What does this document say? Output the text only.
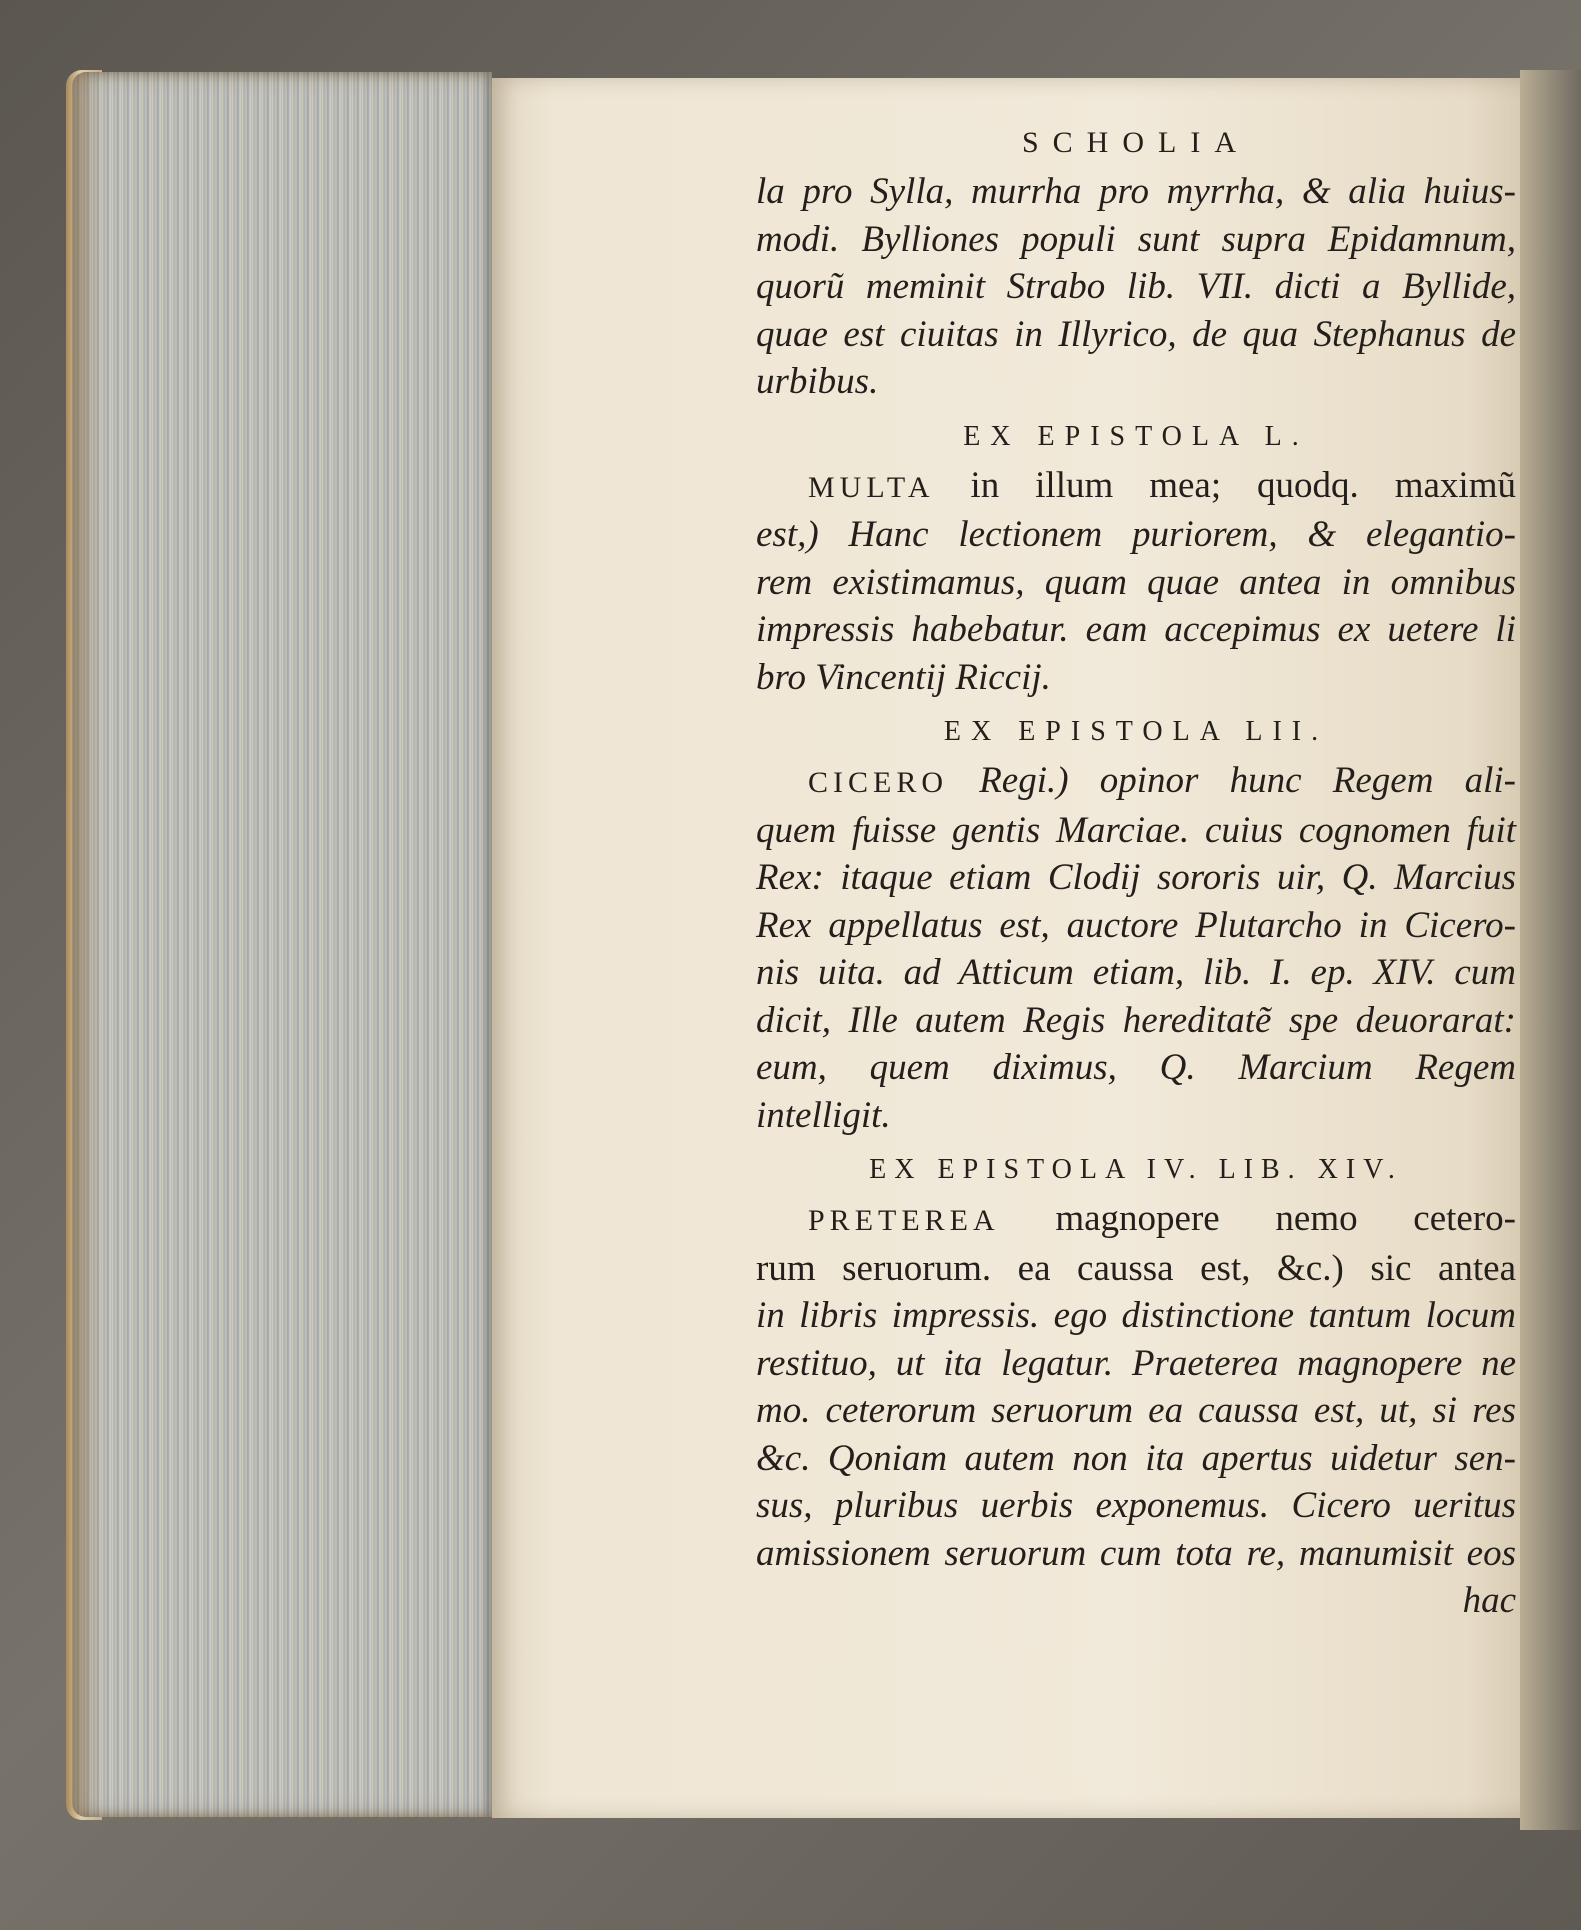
SCHOLIA

la pro Sylla, murrha pro myrrha, & alia huius-

modi. Byllіones populi sunt supra Epidamnum,

quorũ meminit Strabo lib. VII. dicti a Byllide,

quae est ciuitas in Illyrico, de qua Stephanus de

urbibus.

EX EPISTOLA L.

MULTA in illum mea; quodq. maximũ

est,) Hanc lectionem puriorem, & elegantio-

rem existimamus, quam quae antea in omnibus

impressis habebatur. eam accepimus ex uetere li

bro Vincentij Riccij.

EX EPISTOLA LII.

CICERO Regi.) opinor hunc Regem ali-

quem fuisse gentis Marciae. cuius cognomen fuit

Rex: itaque etiam Clodij sororis uir, Q. Marcius

Rex appellatus est, auctore Plutarcho in Cicero-

nis uita. ad Atticum etiam, lib. I. ep. XIV. cum

dicit, Ille autem Regis hereditatẽ spe deuorarat:

eum, quem diximus, Q. Marcium Regem

intelligit.

EX EPISTOLA IV. LIB. XIV.

PRETEREA magnopere nemo cetero-

rum seruorum. ea caussa est, &c.) sic antea

in libris impressis. ego distinctione tantum locum

restituo, ut ita legatur. Praeterea magnopere ne

mo. ceterorum seruorum ea caussa est, ut, si res

&c. Qoniam autem non ita apertus uidetur sen-

sus, pluribus uerbis exponemus. Cicero ueritus

amissionem seruorum cum tota re, manumisit eos

hac
